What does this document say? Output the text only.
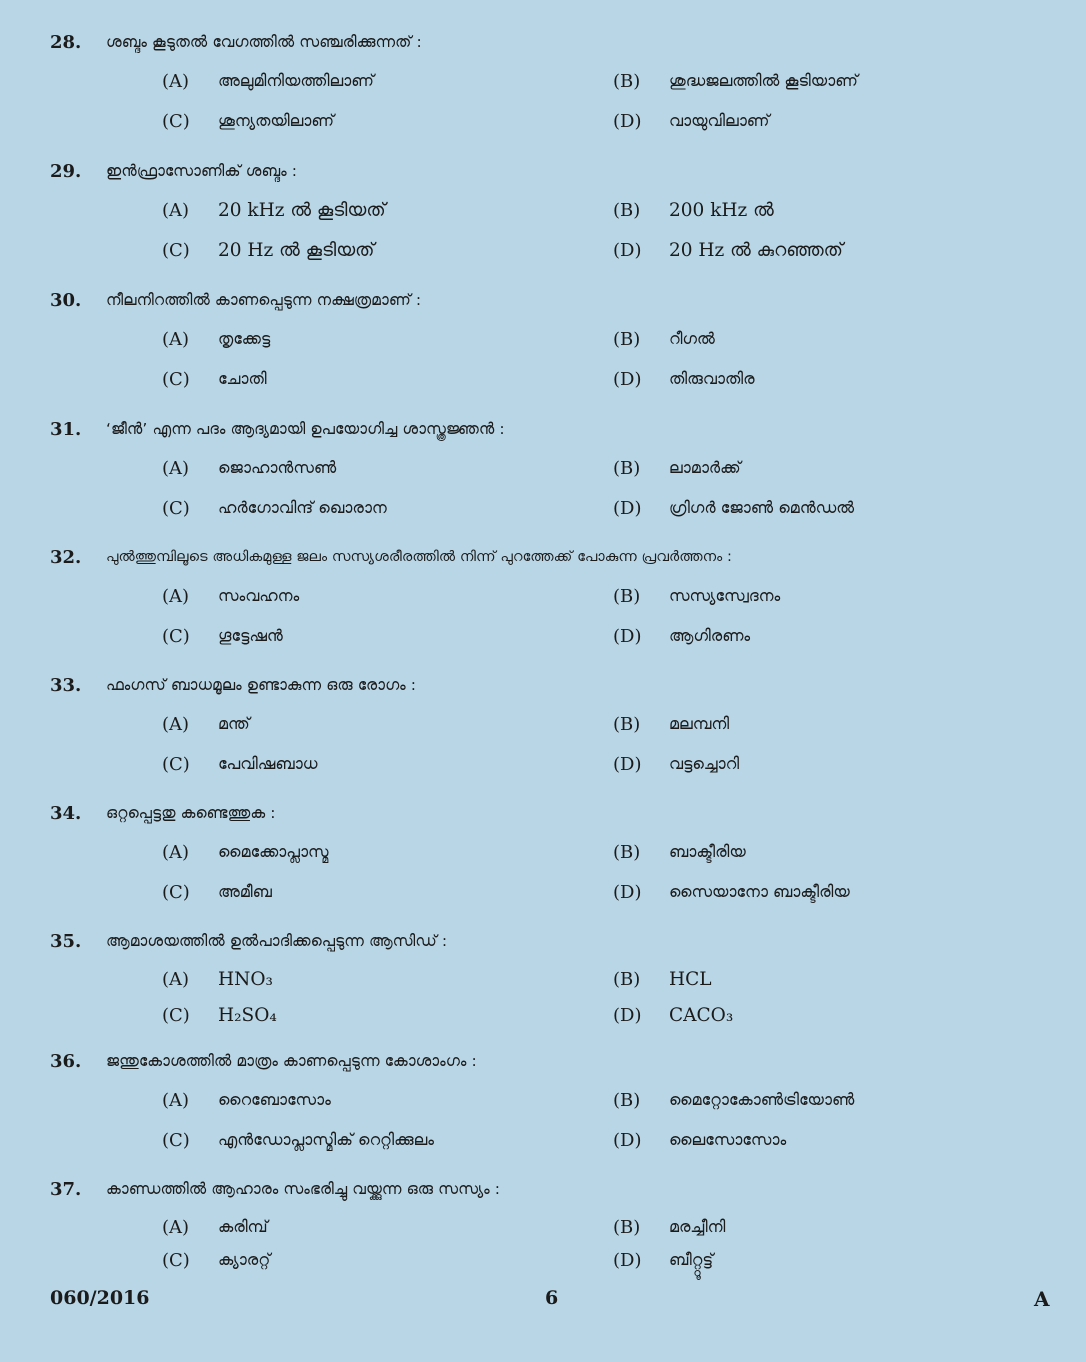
28.	ശബ്ദം കൂടുതൽ വേഗത്തിൽ സഞ്ചരിക്കുന്നത് :
(A)	അലുമിനിയത്തിലാണ്	(B)	ശുദ്ധജലത്തിൽ കൂടിയാണ്
(C)	ശൂന്യതയിലാണ്	(D)	വായുവിലാണ്
29.	ഇൻഫ്രാസോണിക് ശബ്ദം :
(A)	20 kHz ൽ കൂടിയത്	(B)	200 kHz ൽ
(C)	20 Hz ൽ കൂടിയത്	(D)	20 Hz ൽ കുറഞ്ഞത്
30.	നീലനിറത്തിൽ കാണപ്പെടുന്ന നക്ഷത്രമാണ് :
(A)	തൃക്കേട്ട	(B)	റീഗൽ
(C)	ചോതി	(D)	തിരുവാതിര
31.	‘ജീൻ’ എന്ന പദം ആദ്യമായി ഉപയോഗിച്ച ശാസ്ത്രജ്ഞൻ :
(A)	ജൊഹാൻസൺ	(B)	ലാമാർക്ക്
(C)	ഹർഗോവിന്ദ് ഖൊരാന	(D)	ഗ്രിഗർ ജോൺ മെൻഡൽ
32.	പുൽത്തുമ്പിലൂടെ അധികമുള്ള ജലം സസ്യശരീരത്തിൽ നിന്ന് പുറത്തേക്ക് പോകുന്ന പ്രവർത്തനം :
(A)	സംവഹനം	(B)	സസ്യസ്വേദനം
(C)	ഗൂട്ടേഷൻ	(D)	ആഗിരണം
33.	ഫംഗസ് ബാധമൂലം ഉണ്ടാകുന്ന ഒരു രോഗം :
(A)	മന്ത്	(B)	മലമ്പനി
(C)	പേവിഷബാധ	(D)	വട്ടച്ചൊറി
34.	ഒറ്റപ്പെട്ടതു കണ്ടെത്തുക :
(A)	മൈക്കോപ്ലാസ്മ	(B)	ബാക്ടീരിയ
(C)	അമീബ	(D)	സൈയാനോ ബാക്ടീരിയ
35.	ആമാശയത്തിൽ ഉൽപാദിക്കപ്പെടുന്ന ആസിഡ് :
(A)	HNO₃	(B)	HCL
(C)	H₂SO₄	(D)	CACO₃
36.	ജന്തുകോശത്തിൽ മാത്രം കാണപ്പെടുന്ന കോശാംഗം :
(A)	റൈബോസോം	(B)	മൈറ്റോകോൺട്രിയോൺ
(C)	എൻഡോപ്ലാസ്മിക് റെറ്റിക്കുലം	(D)	ലൈസോസോം
37.	കാണ്ഡത്തിൽ ആഹാരം സംഭരിച്ചു വയ്ക്കുന്ന ഒരു സസ്യം :
(A)	കരിമ്പ്	(B)	മരച്ചീനി
(C)	ക്യാരറ്റ്	(D)	ബീറ്റ്റൂട്ട്
060/2016	6	A
